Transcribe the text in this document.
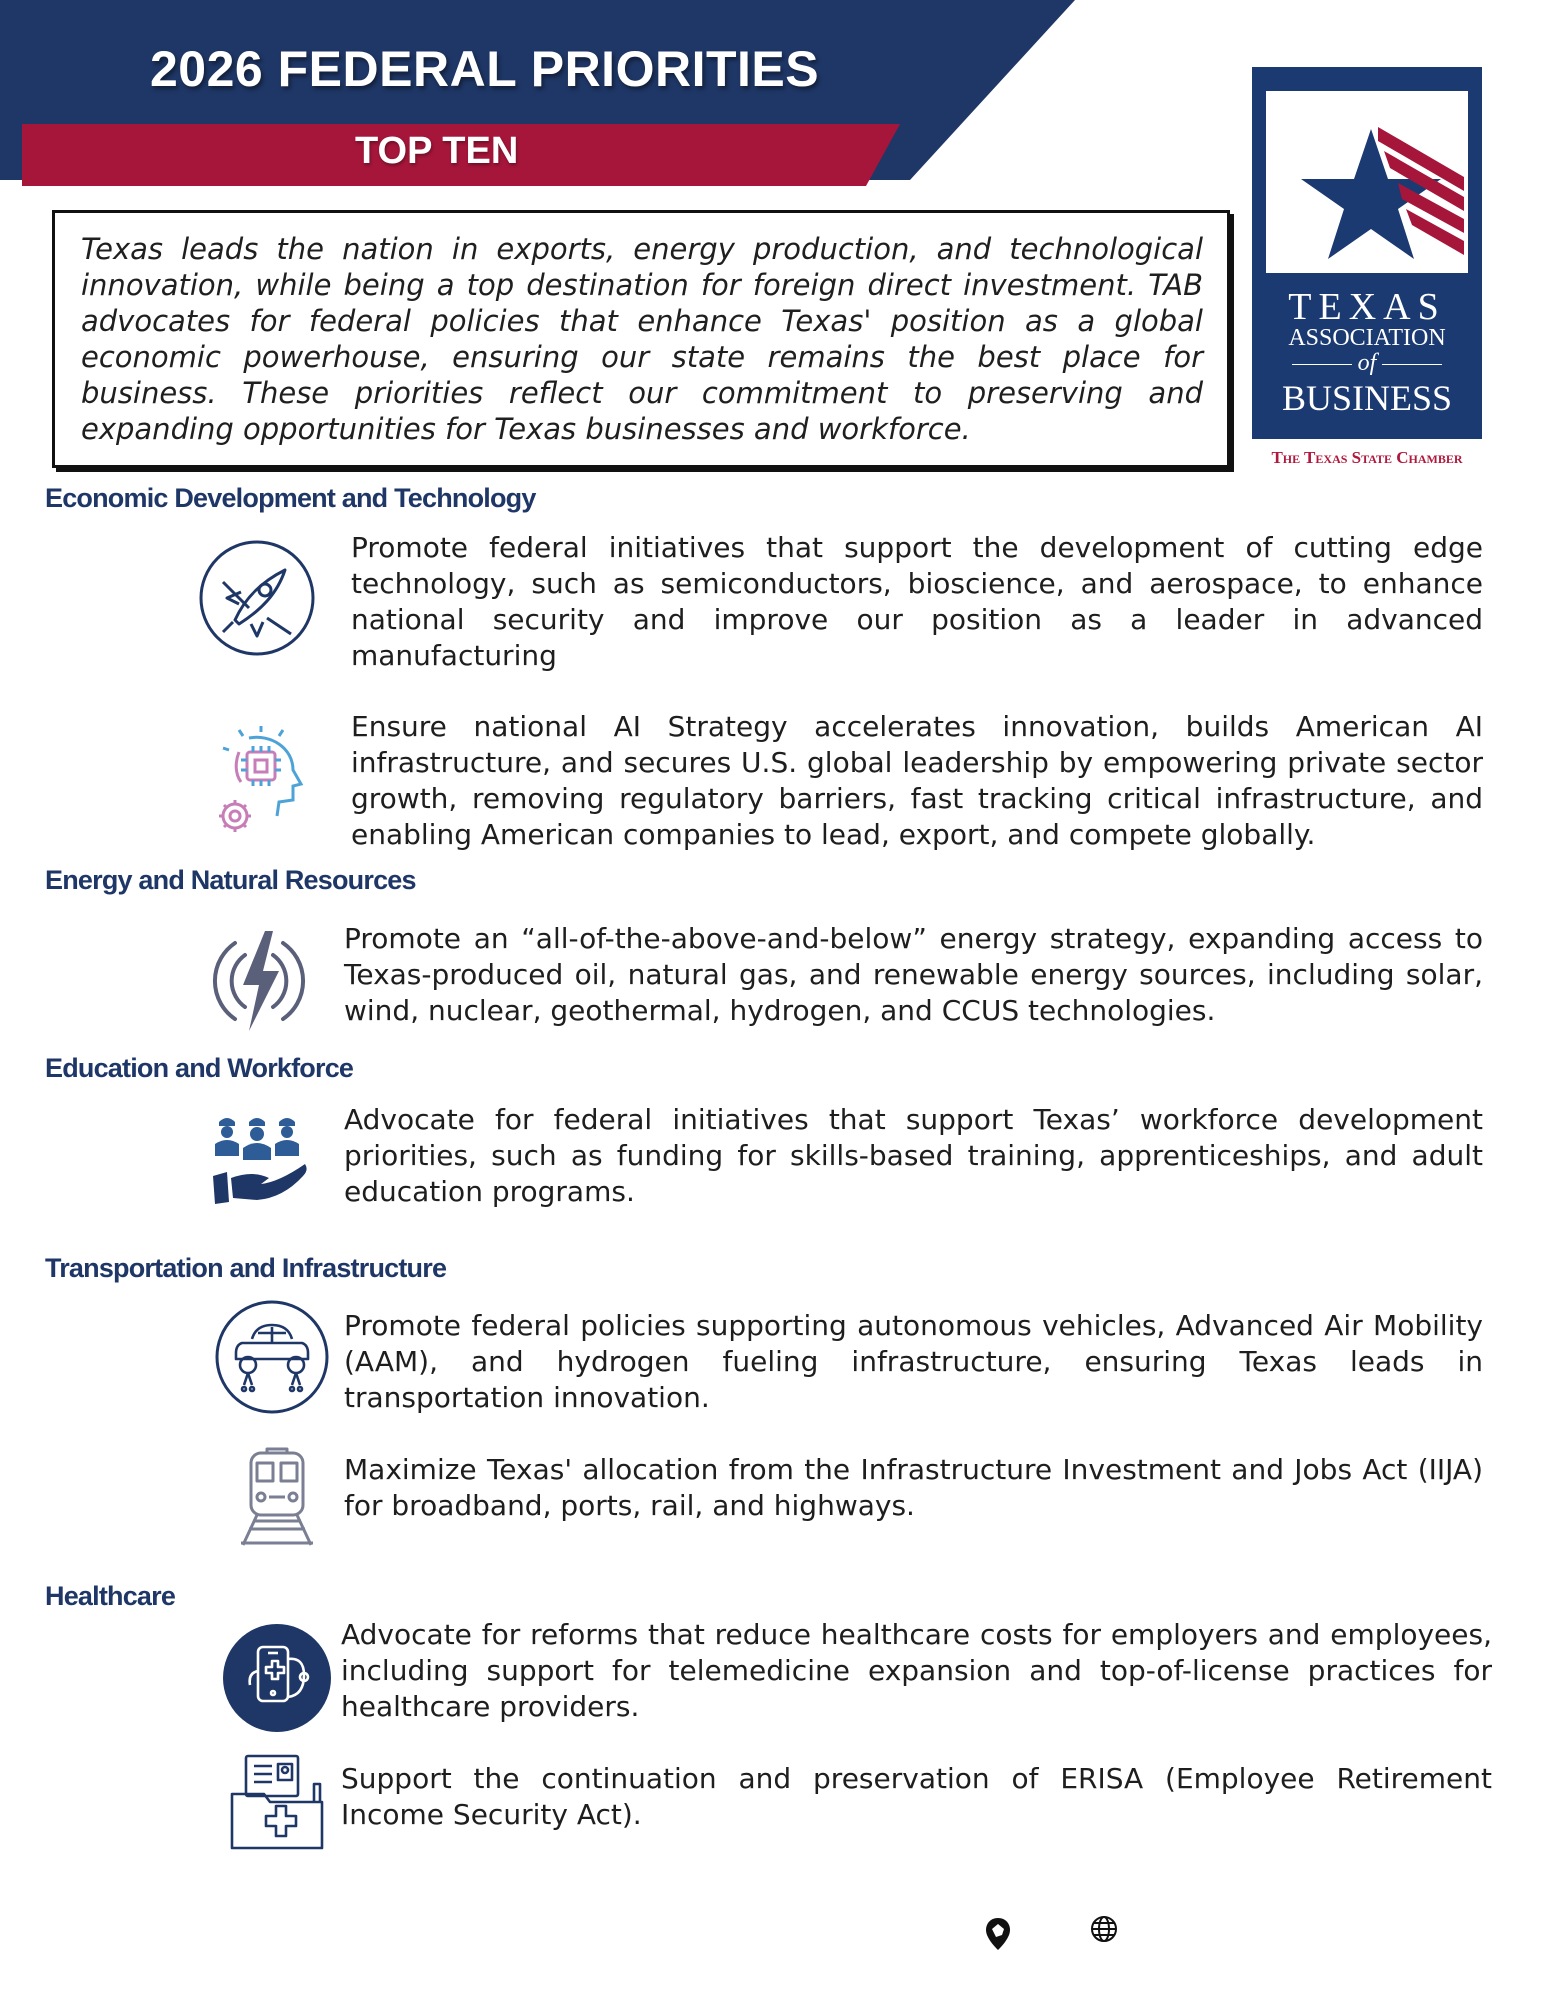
2026 FEDERAL PRIORITIES
TOP TEN
Texas leads the nation in exports, energy production, and technological innovation, while being a top destination for foreign direct investment. TAB advocates for federal policies that enhance Texas' position as a global economic powerhouse, ensuring our state remains the best place for business. These priorities reflect our commitment to preserving and expanding opportunities for Texas businesses and workforce.
TEXAS
ASSOCIATION
of
BUSINESS
The Texas State Chamber
Economic Development and Technology
Promote federal initiatives that support the development of cutting edge technology, such as semiconductors, bioscience, and aerospace, to enhance national security and improve our position as a leader in advanced manufacturing
Ensure national AI Strategy accelerates innovation, builds American AI infrastructure, and secures U.S. global leadership by empowering private sector growth, removing regulatory barriers, fast tracking critical infrastructure, and enabling American companies to lead, export, and compete globally.
Energy and Natural Resources
Promote an “all-of-the-above-and-below” energy strategy, expanding access to Texas-produced oil, natural gas, and renewable energy sources, including solar, wind, nuclear, geothermal, hydrogen, and CCUS technologies.
Education and Workforce
Advocate for federal initiatives that support Texas’ workforce development priorities, such as funding for skills-based training, apprenticeships, and adult education programs.
Transportation and Infrastructure
Promote federal policies supporting autonomous vehicles, Advanced Air Mobility (AAM), and hydrogen fueling infrastructure, ensuring Texas leads in transportation innovation.
Maximize Texas' allocation from the Infrastructure Investment and Jobs Act (IIJA) for broadband, ports, rail, and highways.
Healthcare
Advocate for reforms that reduce healthcare costs for employers and employees, including support for telemedicine expansion and top-of-license practices for healthcare providers.
Support the continuation and preservation of ERISA (Employee Retirement Income Security Act).
